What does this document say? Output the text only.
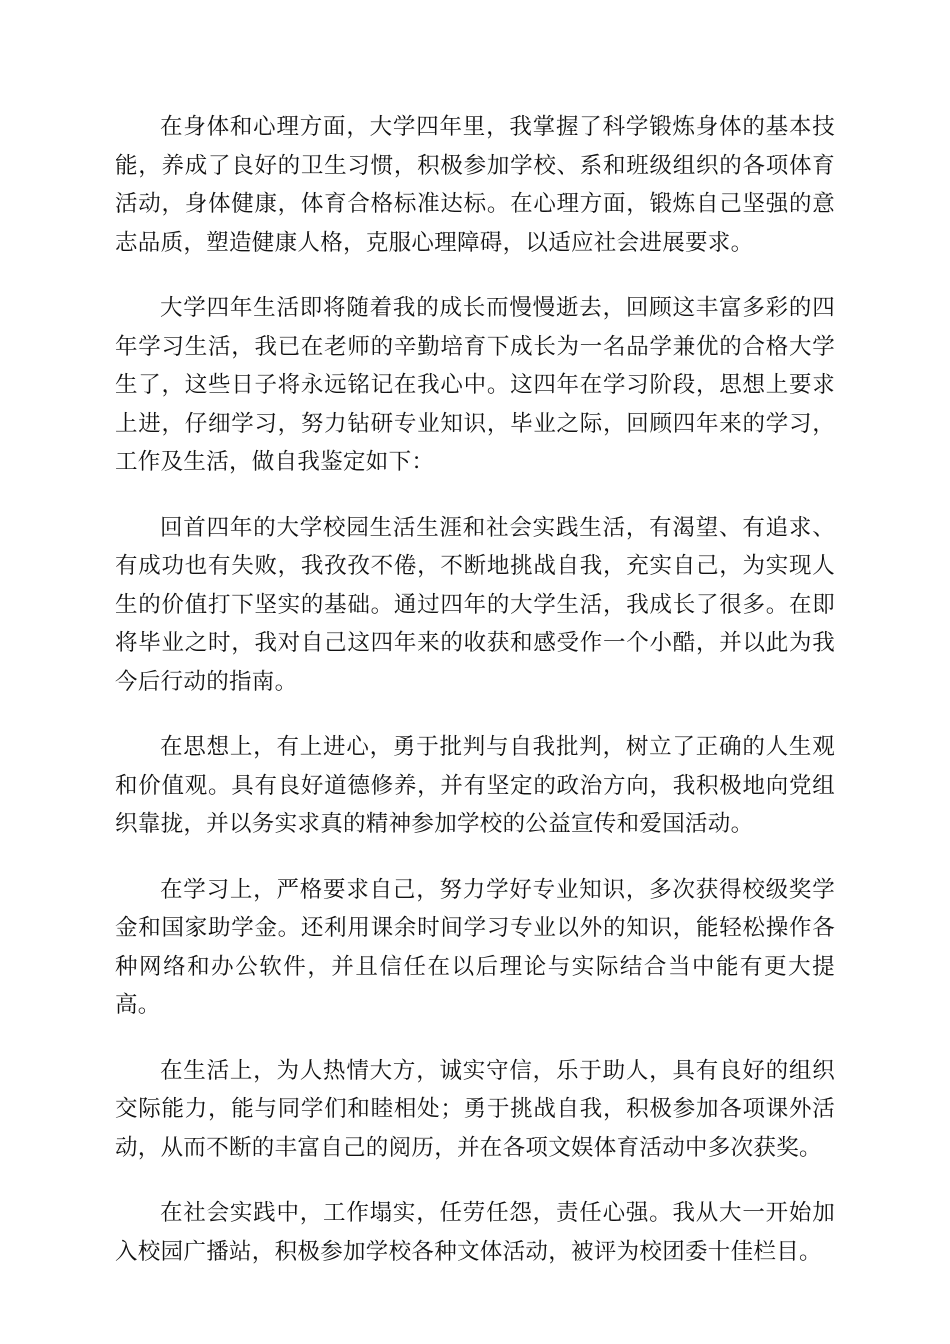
在身体和心理方面，大学四年里，我掌握了科学锻炼身体的基本技能，养成了良好的卫生习惯，积极参加学校、系和班级组织的各项体育活动，身体健康，体育合格标准达标。在心理方面，锻炼自己坚强的意志品质，塑造健康人格，克服心理障碍，以适应社会进展要求。

大学四年生活即将随着我的成长而慢慢逝去，回顾这丰富多彩的四年学习生活，我已在老师的辛勤培育下成长为一名品学兼优的合格大学生了，这些日子将永远铭记在我心中。这四年在学习阶段，思想上要求上进，仔细学习，努力钻研专业知识，毕业之际，回顾四年来的学习，工作及生活，做自我鉴定如下：

回首四年的大学校园生活生涯和社会实践生活，有渴望、有追求、有成功也有失败，我孜孜不倦，不断地挑战自我，充实自己，为实现人生的价值打下坚实的基础。通过四年的大学生活，我成长了很多。在即将毕业之时，我对自己这四年来的收获和感受作一个小酷，并以此为我今后行动的指南。

在思想上，有上进心，勇于批判与自我批判，树立了正确的人生观和价值观。具有良好道德修养，并有坚定的政治方向，我积极地向党组织靠拢，并以务实求真的精神参加学校的公益宣传和爱国活动。

在学习上，严格要求自己，努力学好专业知识，多次获得校级奖学金和国家助学金。还利用课余时间学习专业以外的知识，能轻松操作各种网络和办公软件，并且信任在以后理论与实际结合当中能有更大提高。

在生活上，为人热情大方，诚实守信，乐于助人，具有良好的组织交际能力，能与同学们和睦相处；勇于挑战自我，积极参加各项课外活动，从而不断的丰富自己的阅历，并在各项文娱体育活动中多次获奖。

在社会实践中，工作塌实，任劳任怨，责任心强。我从大一开始加入校园广播站，积极参加学校各种文体活动，被评为校团委十佳栏目。
